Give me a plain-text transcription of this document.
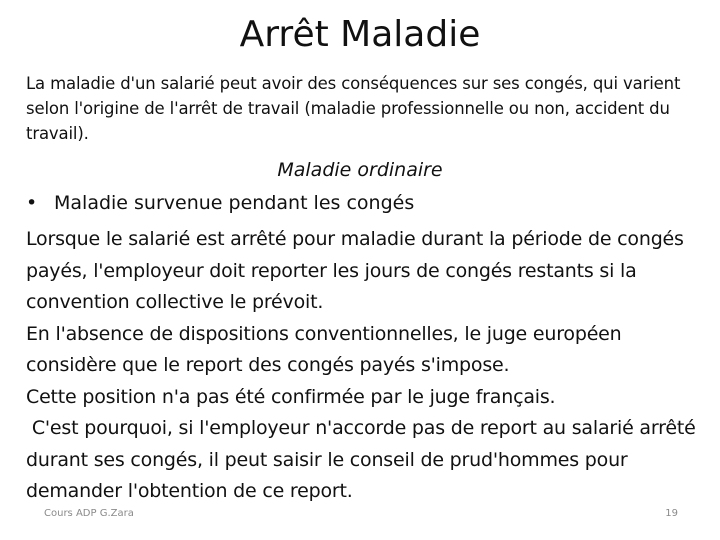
Arrêt Maladie
La maladie d'un salarié peut avoir des conséquences sur ses congés, qui varient selon l'origine de l'arrêt de travail (maladie professionnelle ou non, accident du travail).
Maladie ordinaire
• Maladie survenue pendant les congés

Lorsque le salarié est arrêté pour maladie durant la période de congés payés, l'employeur doit reporter les jours de congés restants si la convention collective le prévoit.

En l'absence de dispositions conventionnelles, le juge européen considère que le report des congés payés s'impose.

Cette position n'a pas été confirmée par le juge français.

C'est pourquoi, si l'employeur n'accorde pas de report au salarié arrêté durant ses congés, il peut saisir le conseil de prud'hommes pour demander l'obtention de ce report.

Cours ADP G.Zara	19
